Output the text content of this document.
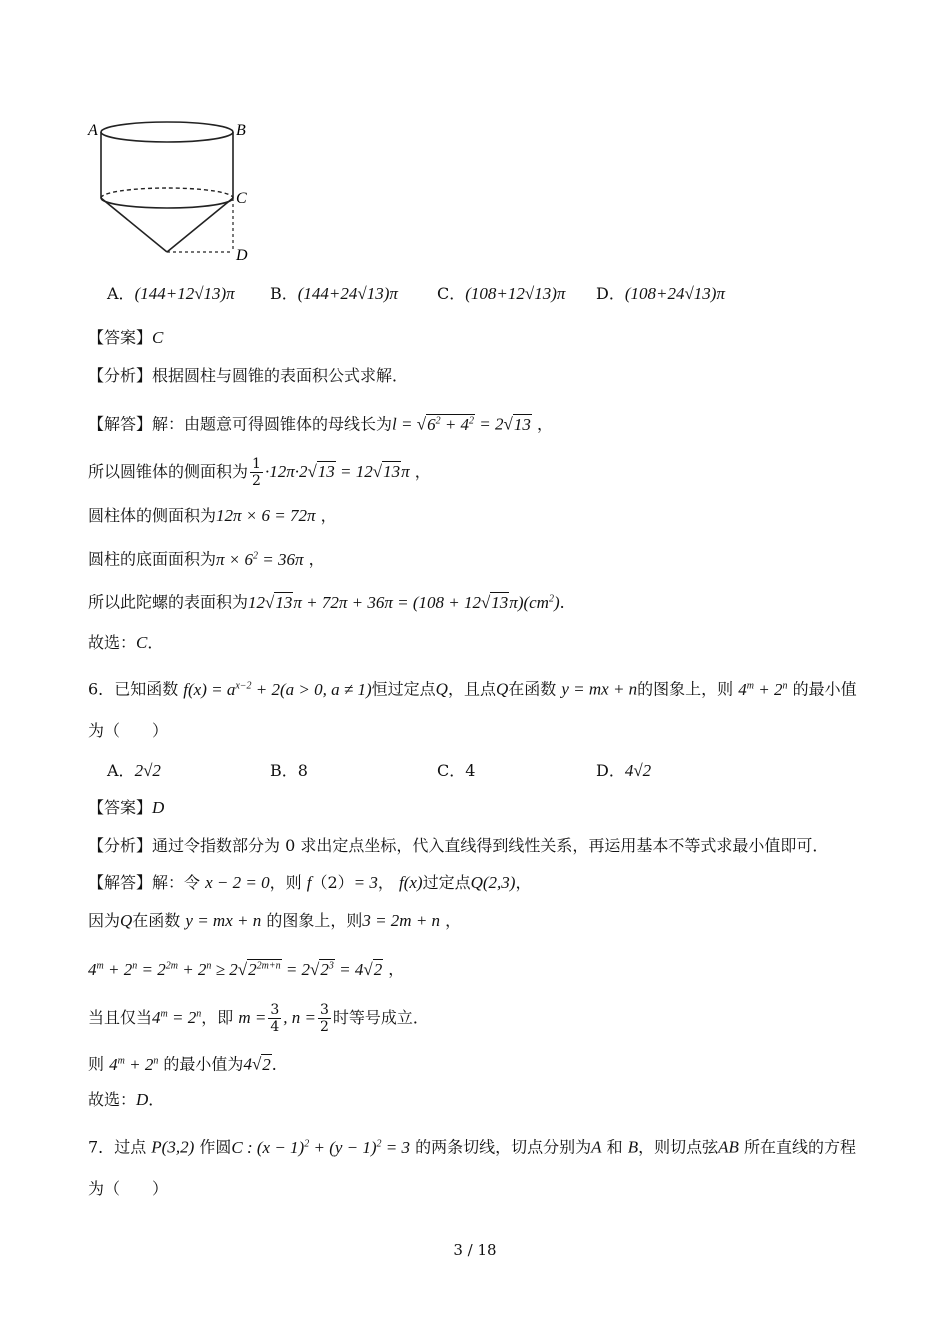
A	B
C
D
A．(144+12√13)π B．(144+24√13)π C．(108+12√13)π D．(108+24√13)π
【答案】C
【分析】根据圆柱与圆锥的表面积公式求解．
【解答】解：由题意可得圆锥体的母线长为$l = √6^2 + 4^2 = 2√13$ ，
所以圆锥体的侧面积为 $\frac{1}{2} \cdot 12\pi\cdot 2√13 = 12√13\pi$ ，
圆柱体的侧面积为12π × 6 = 72π ，
圆柱的底面面积为$\pi \times 6^2 = 36\pi$ ，
所以此陀螺的表面积为$12√13\pi + 72\pi + 36\pi = (108 + 12√13\pi)(cm^2)$．
故选：C．
6．已知函数 $f(x) = a^{x-2} + 2(a > 0$, a ≠ 1)恒过定点Q，且点Q在函数 y = mx + n的图象上，则 $4^m + 2^n$ 的最小值
为（　　）
A．2√2	B．8	C．4	D．4√2
【答案】D
【分析】通过令指数部分为 0 求出定点坐标，代入直线得到线性关系，再运用基本不等式求最小值即可．
【解答】解：令 x − 2 = 0，则 f（2）= 3， f(x)过定点Q(2,3)，
因为Q在函数 y = mx + n 的图象上，则3 = 2m + n ，
$4^m + 2^n = 2^{2m} + 2^n \ge 2√2^{2m+n} = 2√2^3 = 4√2$ ，
当且仅当$4^m = 2^n$，即 $m = \frac{3}{4}$ , $n = \frac{3}{2}$ 时等号成立．
则 $4^m + 2^n$ 的最小值为4√2．
故选：D．
7．过点 P(3,2) 作圆C : $(x - 1)^2 + (y - 1)^2 = 3$ 的两条切线，切点分别为A 和 B，则切点弦AB 所在直线的方程
为（　　）
3 / 18
